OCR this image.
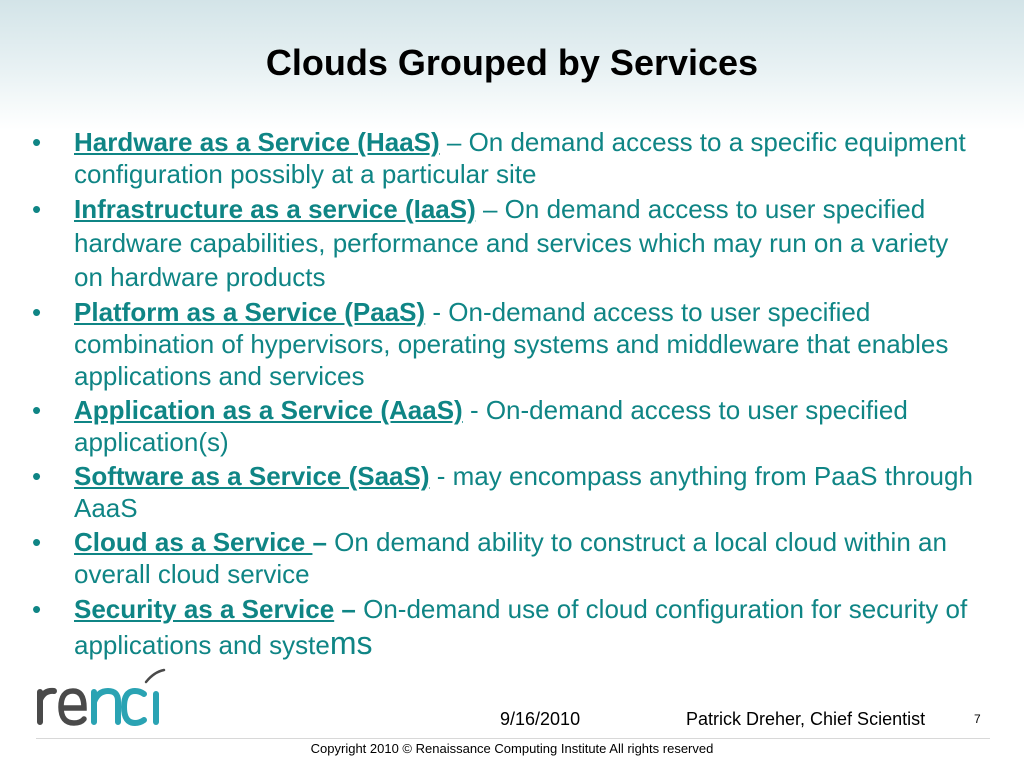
Clouds Grouped by Services
• Hardware as a Service (HaaS) – On demand access to a specific equipment configuration possibly at a particular site
• Infrastructure as a service (IaaS) – On demand access to user specified hardware capabilities, performance and services which may run on a variety on hardware products
• Platform as a Service (PaaS) - On-demand access to user specified combination of hypervisors, operating systems and middleware that enables applications and services
• Application as a Service (AaaS) - On-demand access to user specified application(s)
• Software as a Service (SaaS) - may encompass anything from PaaS through AaaS
• Cloud as a Service – On demand ability to construct a local cloud within an overall cloud service
• Security as a Service – On-demand use of cloud configuration for security of applications and systems
9/16/2010	Patrick Dreher, Chief Scientist	7
Copyright 2010 © Renaissance Computing Institute All rights reserved
